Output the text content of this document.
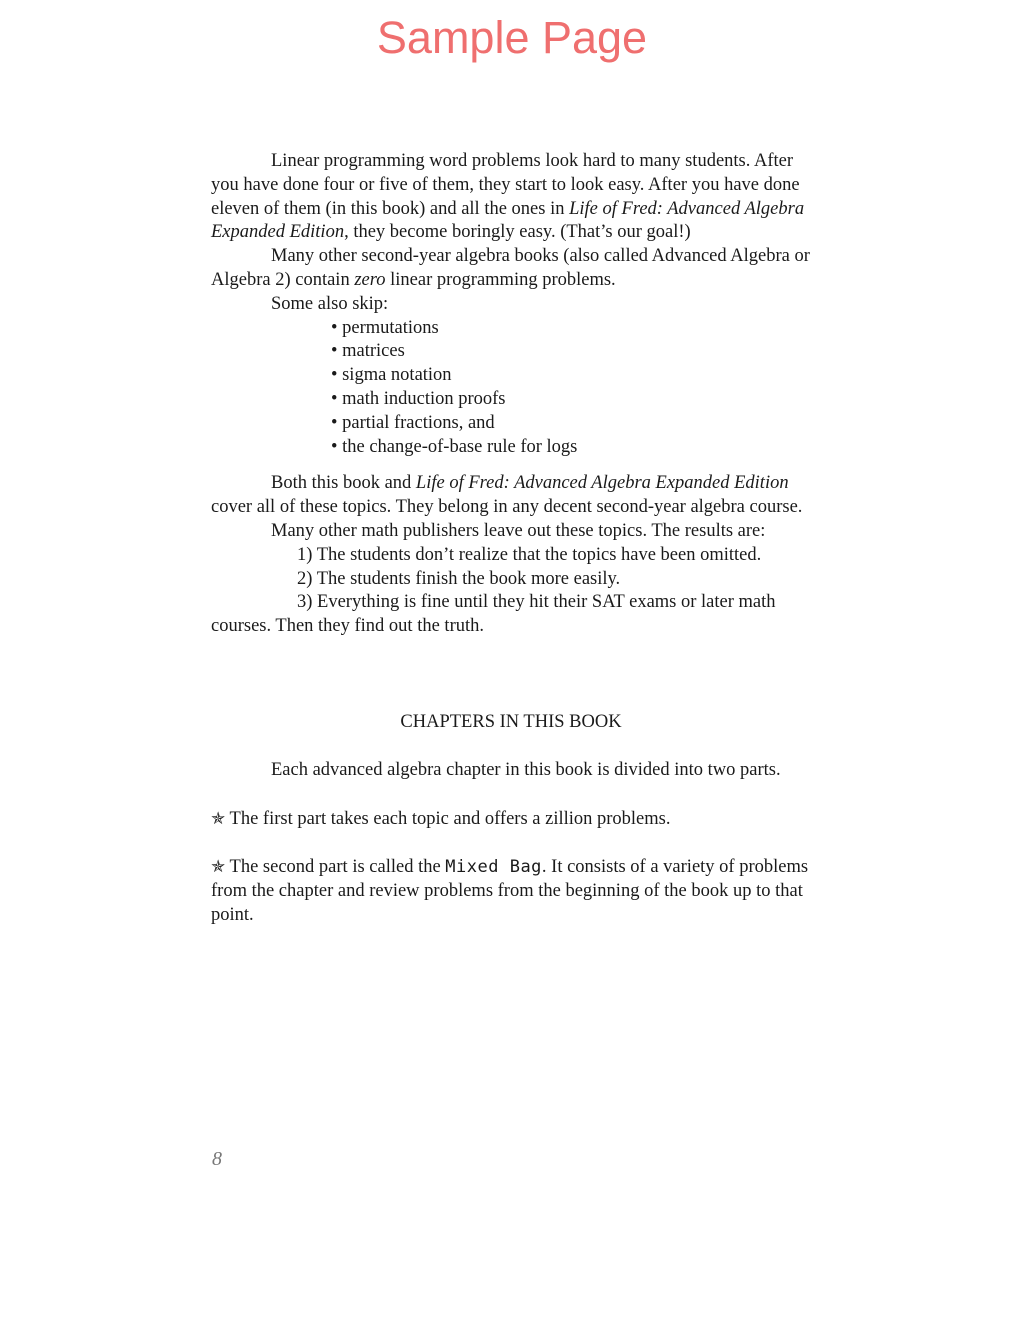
Sample Page

Linear programming word problems look hard to many students. After you have done four or five of them, they start to look easy. After you have done eleven of them (in this book) and all the ones in Life of Fred: Advanced Algebra Expanded Edition, they become boringly easy. (That’s our goal!)

Many other second-year algebra books (also called Advanced Algebra or Algebra 2) contain zero linear programming problems.

Some also skip:

• permutations
• matrices
• sigma notation
• math induction proofs
• partial fractions, and
• the change-of-base rule for logs

Both this book and Life of Fred: Advanced Algebra Expanded Edition cover all of these topics. They belong in any decent second-year algebra course.

Many other math publishers leave out these topics. The results are:

1) The students don’t realize that the topics have been omitted.

2) The students finish the book more easily.

3) Everything is fine until they hit their SAT exams or later math courses. Then they find out the truth.

CHAPTERS IN THIS BOOK

Each advanced algebra chapter in this book is divided into two parts.

✯ The first part takes each topic and offers a zillion problems.

✯ The second part is called the Mixed Bag. It consists of a variety of problems from the chapter and review problems from the beginning of the book up to that point.

8
